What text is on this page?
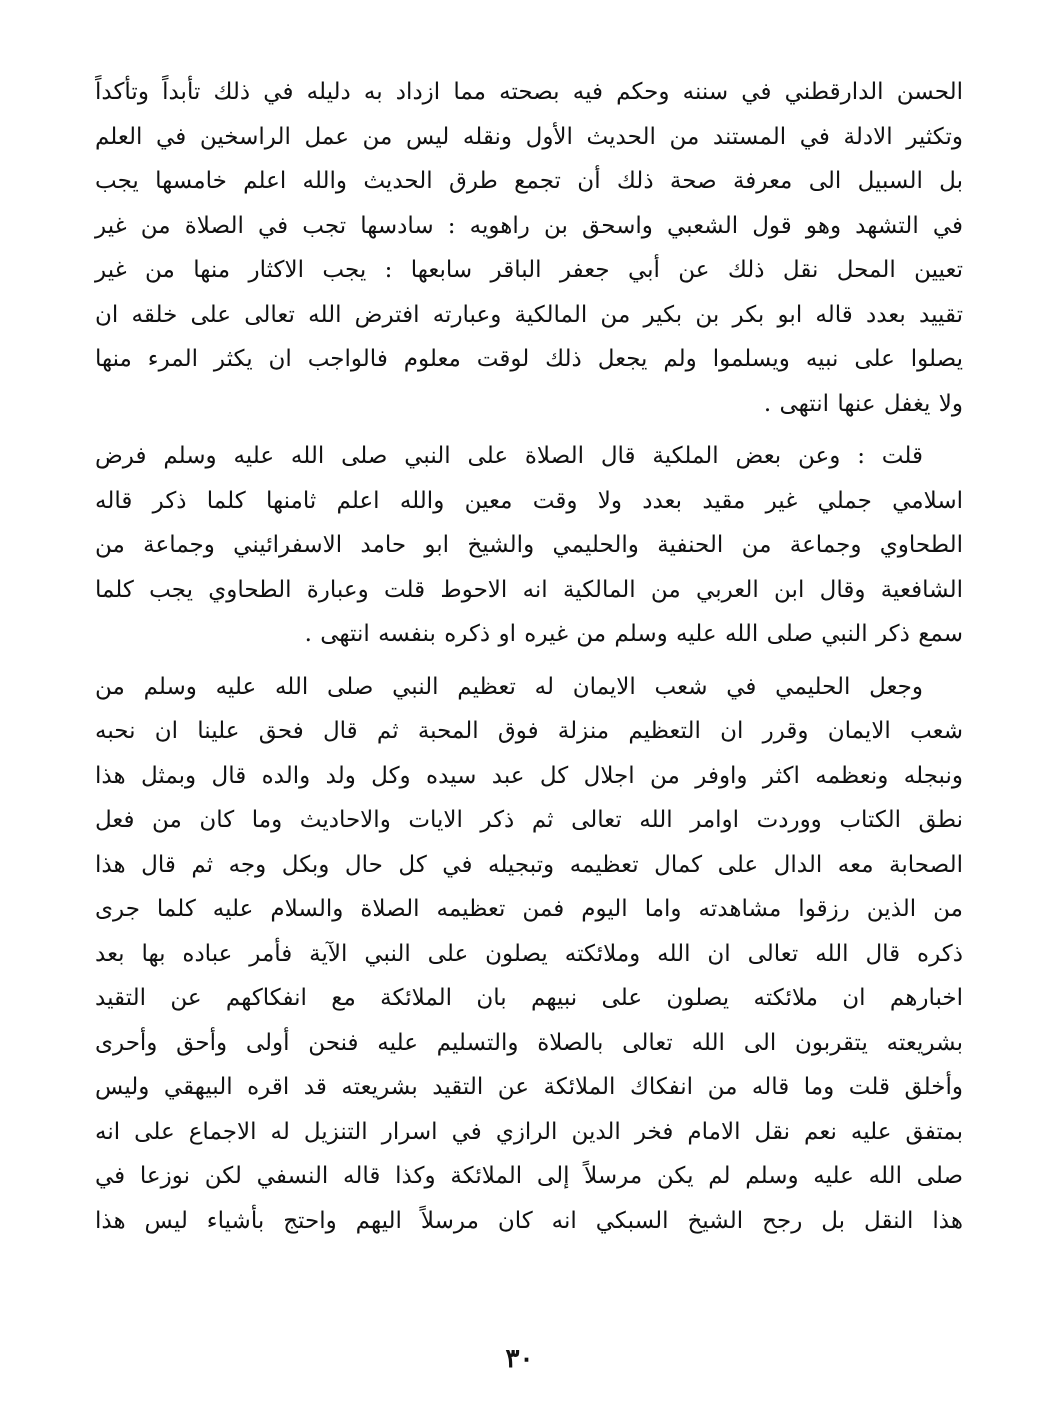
الحسن الدارقطني في سننه وحكم فيه بصحته مما ازداد به دليله في ذلك تأبداً وتأكداً
وتكثير الادلة في المستند من الحديث الأول ونقله ليس من عمل الراسخين في العلم
بل السبيل الى معرفة صحة ذلك أن تجمع طرق الحديث والله اعلم خامسها يجب
في التشهد وهو قول الشعبي واسحق بن راهويه : سادسها تجب في الصلاة من غير
تعيين المحل نقل ذلك عن أبي جعفر الباقر سابعها : يجب الاكثار منها من غير
تقييد بعدد قاله ابو بكر بن بكير من المالكية وعبارته افترض الله تعالى على خلقه ان
يصلوا على نبيه ويسلموا ولم يجعل ذلك لوقت معلوم فالواجب ان يكثر المرء منها
ولا يغفل عنها انتهى .
قلت : وعن بعض الملكية قال الصلاة على النبي صلى الله عليه وسلم فرض
اسلامي جملي غير مقيد بعدد ولا وقت معين والله اعلم ثامنها كلما ذكر قاله
الطحاوي وجماعة من الحنفية والحليمي والشيخ ابو حامد الاسفرائيني وجماعة من
الشافعية وقال ابن العربي من المالكية انه الاحوط قلت وعبارة الطحاوي يجب كلما
سمع ذكر النبي صلى الله عليه وسلم من غيره او ذكره بنفسه انتهى .
وجعل الحليمي في شعب الايمان له تعظيم النبي صلى الله عليه وسلم من
شعب الايمان وقرر ان التعظيم منزلة فوق المحبة ثم قال فحق علينا ان نحبه
ونبجله ونعظمه اكثر واوفر من اجلال كل عبد سيده وكل ولد والده قال وبمثل هذا
نطق الكتاب ووردت اوامر الله تعالى ثم ذكر الايات والاحاديث وما كان من فعل
الصحابة معه الدال على كمال تعظيمه وتبجيله في كل حال وبكل وجه ثم قال هذا
من الذين رزقوا مشاهدته واما اليوم فمن تعظيمه الصلاة والسلام عليه كلما جرى
ذكره قال الله تعالى ان الله وملائكته يصلون على النبي الآية فأمر عباده بها بعد
اخبارهم ان ملائكته يصلون على نبيهم بان الملائكة مع انفكاكهم عن التقيد
بشريعته يتقربون الى الله تعالى بالصلاة والتسليم عليه فنحن أولى وأحق وأحرى
وأخلق قلت وما قاله من انفكاك الملائكة عن التقيد بشريعته قد اقره البيهقي وليس
بمتفق عليه نعم نقل الامام فخر الدين الرازي في اسرار التنزيل له الاجماع على انه
صلى الله عليه وسلم لم يكن مرسلاً إلى الملائكة وكذا قاله النسفي لكن نوزعا في
هذا النقل بل رجح الشيخ السبكي انه كان مرسلاً اليهم واحتج بأشياء ليس هذا
٣٠
